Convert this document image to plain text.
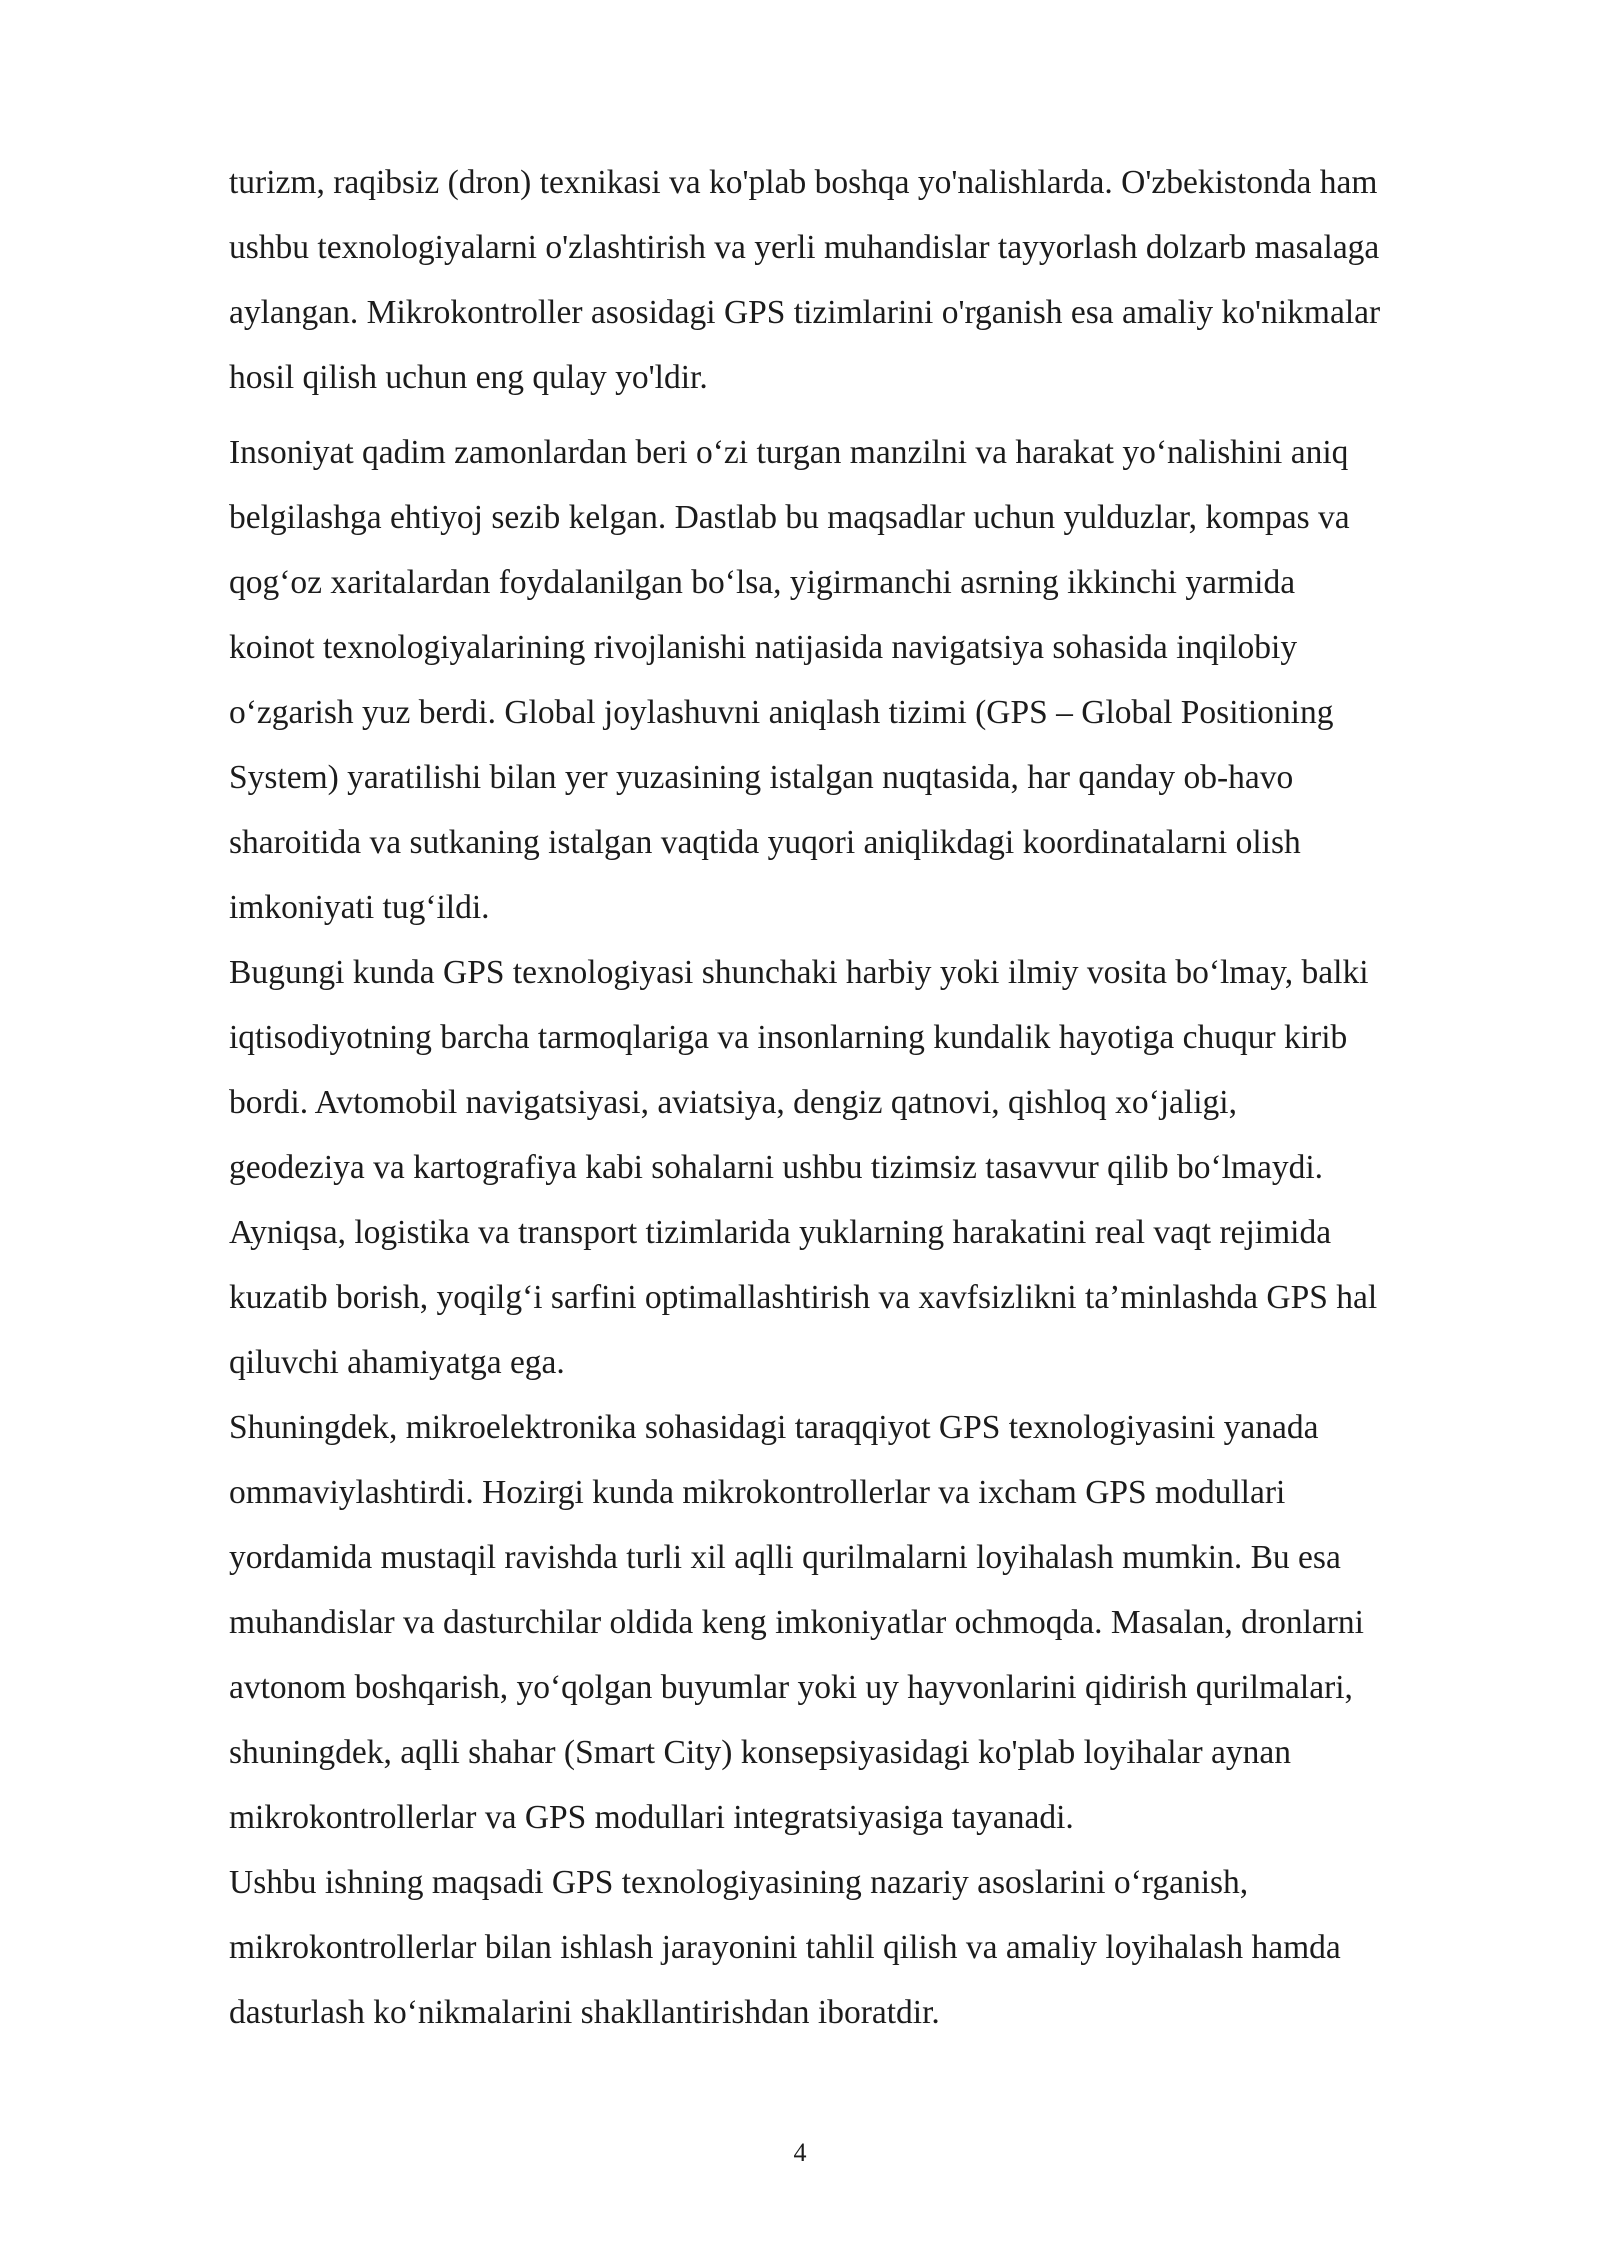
turizm, raqibsiz (dron) texnikasi va ko'plab boshqa yo'nalishlarda. O'zbekistonda ham
ushbu texnologiyalarni o'zlashtirish va yerli muhandislar tayyorlash dolzarb masalaga
aylangan. Mikrokontroller asosidagi GPS tizimlarini o'rganish esa amaliy ko'nikmalar
hosil qilish uchun eng qulay yo'ldir.

Insoniyat qadim zamonlardan beri o‘zi turgan manzilni va harakat yo‘nalishini aniq
belgilashga ehtiyoj sezib kelgan. Dastlab bu maqsadlar uchun yulduzlar, kompas va
qog‘oz xaritalardan foydalanilgan bo‘lsa, yigirmanchi asrning ikkinchi yarmida
koinot texnologiyalarining rivojlanishi natijasida navigatsiya sohasida inqilobiy
o‘zgarish yuz berdi. Global joylashuvni aniqlash tizimi (GPS – Global Positioning
System) yaratilishi bilan yer yuzasining istalgan nuqtasida, har qanday ob-havo
sharoitida va sutkaning istalgan vaqtida yuqori aniqlikdagi koordinatalarni olish
imkoniyati tug‘ildi.

Bugungi kunda GPS texnologiyasi shunchaki harbiy yoki ilmiy vosita bo‘lmay, balki
iqtisodiyotning barcha tarmoqlariga va insonlarning kundalik hayotiga chuqur kirib
bordi. Avtomobil navigatsiyasi, aviatsiya, dengiz qatnovi, qishloq xo‘jaligi,
geodeziya va kartografiya kabi sohalarni ushbu tizimsiz tasavvur qilib bo‘lmaydi.
Ayniqsa, logistika va transport tizimlarida yuklarning harakatini real vaqt rejimida
kuzatib borish, yoqilg‘i sarfini optimallashtirish va xavfsizlikni ta’minlashda GPS hal
qiluvchi ahamiyatga ega.

Shuningdek, mikroelektronika sohasidagi taraqqiyot GPS texnologiyasini yanada
ommaviylashtirdi. Hozirgi kunda mikrokontrollerlar va ixcham GPS modullari
yordamida mustaqil ravishda turli xil aqlli qurilmalarni loyihalash mumkin. Bu esa
muhandislar va dasturchilar oldida keng imkoniyatlar ochmoqda. Masalan, dronlarni
avtonom boshqarish, yo‘qolgan buyumlar yoki uy hayvonlarini qidirish qurilmalari,
shuningdek, aqlli shahar (Smart City) konsepsiyasidagi ko'plab loyihalar aynan
mikrokontrollerlar va GPS modullari integratsiyasiga tayanadi.

Ushbu ishning maqsadi GPS texnologiyasining nazariy asoslarini o‘rganish,
mikrokontrollerlar bilan ishlash jarayonini tahlil qilish va amaliy loyihalash hamda
dasturlash ko‘nikmalarini shakllantirishdan iboratdir.

4
